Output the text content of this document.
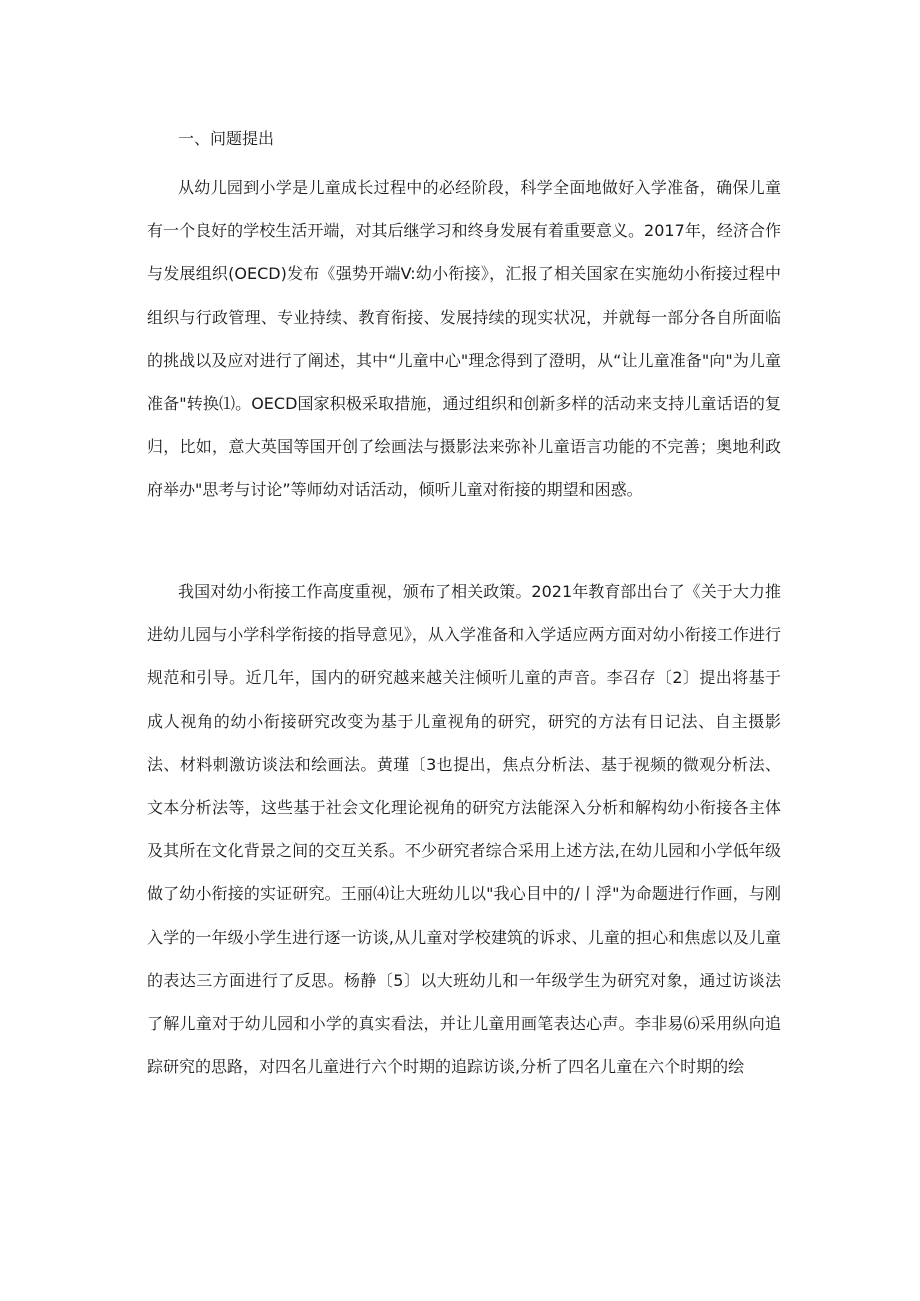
一、问题提出

从幼儿园到小学是儿童成长过程中的必经阶段，科学全面地做好入学准备，确保儿童有一个良好的学校生活开端，对其后继学习和终身发展有着重要意义。2017年，经济合作与发展组织(OECD)发布《强势开端V:幼小衔接》，汇报了相关国家在实施幼小衔接过程中组织与行政管理、专业持续、教育衔接、发展持续的现实状况，并就每一部分各自所面临的挑战以及应对进行了阐述，其中“儿童中心"理念得到了澄明，从“让儿童准备"向"为儿童准备"转换⑴。OECD国家积极采取措施，通过组织和创新多样的活动来支持儿童话语的复归，比如，意大英国等国开创了绘画法与摄影法来弥补儿童语言功能的不完善；奥地利政府举办"思考与讨论”等师幼对话活动，倾听儿童对衔接的期望和困惑。

我国对幼小衔接工作高度重视，颁布了相关政策。2021年教育部出台了《关于大力推进幼儿园与小学科学衔接的指导意见》，从入学准备和入学适应两方面对幼小衔接工作进行规范和引导。近几年，国内的研究越来越关注倾听儿童的声音。李召存〔2〕提出将基于成人视角的幼小衔接研究改变为基于儿童视角的研究，研究的方法有日记法、自主摄影法、材料刺激访谈法和绘画法。黄瑾〔3也提出，焦点分析法、基于视频的微观分析法、文本分析法等，这些基于社会文化理论视角的研究方法能深入分析和解构幼小衔接各主体及其所在文化背景之间的交互关系。不少研究者综合采用上述方法,在幼儿园和小学低年级做了幼小衔接的实证研究。王丽⑷让大班幼儿以"我心目中的/丨浮"为命题进行作画，与刚入学的一年级小学生进行逐一访谈,从儿童对学校建筑的诉求、儿童的担心和焦虑以及儿童的表达三方面进行了反思。杨静〔5〕以大班幼儿和一年级学生为研究对象，通过访谈法了解儿童对于幼儿园和小学的真实看法，并让儿童用画笔表达心声。李非易⑹采用纵向追踪研究的思路，对四名儿童进行六个时期的追踪访谈,分析了四名儿童在六个时期的绘
